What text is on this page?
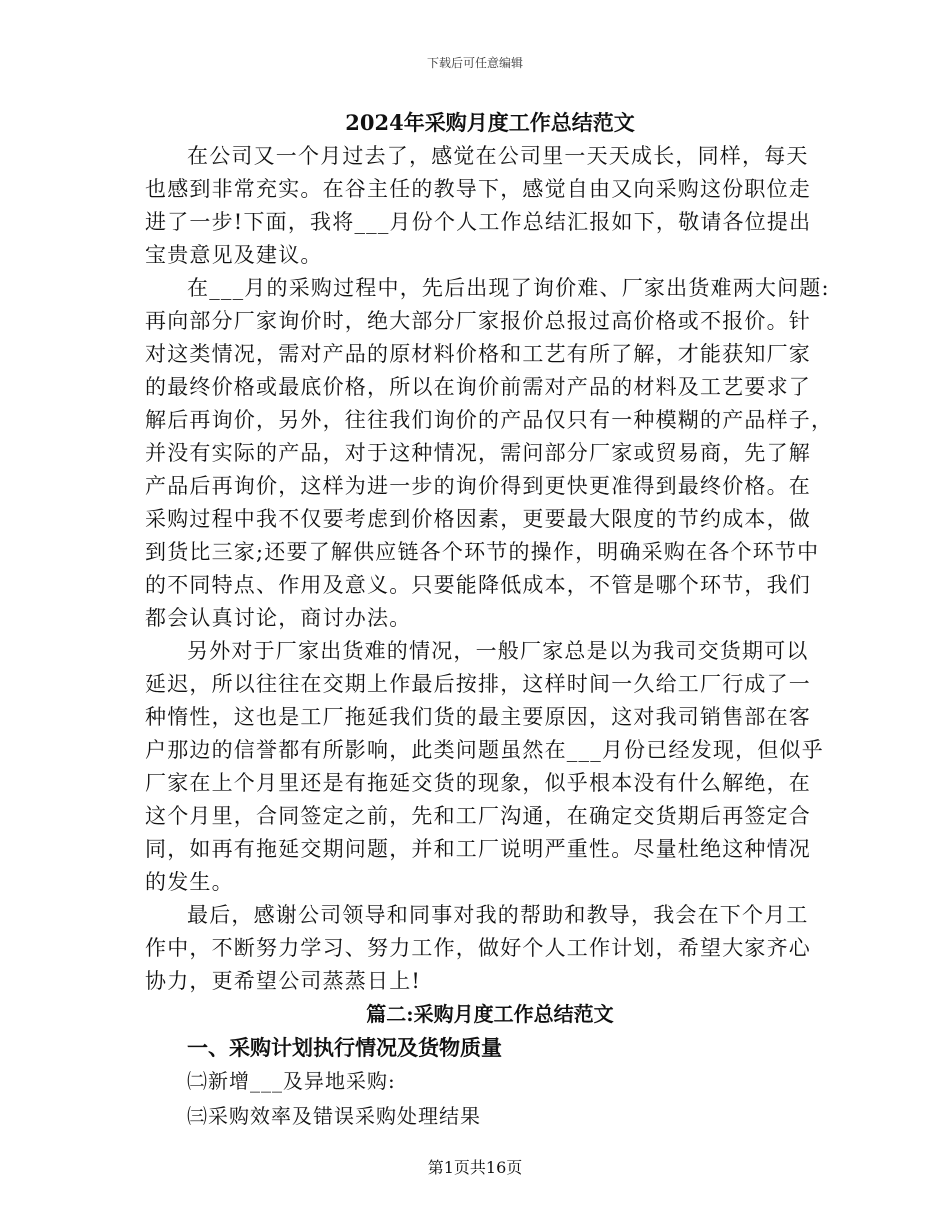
下载后可任意编辑
2024年采购月度工作总结范文
在公司又一个月过去了，感觉在公司里一天天成长，同样，每天
也感到非常充实。在谷主任的教导下，感觉自由又向采购这份职位走
进了一步!下面，我将___月份个人工作总结汇报如下，敬请各位提出
宝贵意见及建议。
在___月的采购过程中，先后出现了询价难、厂家出货难两大问题:
再向部分厂家询价时，绝大部分厂家报价总报过高价格或不报价。针
对这类情况，需对产品的原材料价格和工艺有所了解，才能获知厂家
的最终价格或最底价格，所以在询价前需对产品的材料及工艺要求了
解后再询价，另外，往往我们询价的产品仅只有一种模糊的产品样子，
并没有实际的产品，对于这种情况，需问部分厂家或贸易商，先了解
产品后再询价，这样为进一步的询价得到更快更准得到最终价格。在
采购过程中我不仅要考虑到价格因素，更要最大限度的节约成本，做
到货比三家;还要了解供应链各个环节的操作，明确采购在各个环节中
的不同特点、作用及意义。只要能降低成本，不管是哪个环节，我们
都会认真讨论，商讨办法。
另外对于厂家出货难的情况，一般厂家总是以为我司交货期可以
延迟，所以往往在交期上作最后按排，这样时间一久给工厂行成了一
种惰性，这也是工厂拖延我们货的最主要原因，这对我司销售部在客
户那边的信誉都有所影响，此类问题虽然在___月份已经发现，但似乎
厂家在上个月里还是有拖延交货的现象，似乎根本没有什么解绝，在
这个月里，合同签定之前，先和工厂沟通，在确定交货期后再签定合
同，如再有拖延交期问题，并和工厂说明严重性。尽量杜绝这种情况
的发生。
最后，感谢公司领导和同事对我的帮助和教导，我会在下个月工
作中，不断努力学习、努力工作，做好个人工作计划，希望大家齐心
协力，更希望公司蒸蒸日上!
篇二:采购月度工作总结范文
一、采购计划执行情况及货物质量
㈡新增___及异地采购:
㈢采购效率及错误采购处理结果
第1页共16页
